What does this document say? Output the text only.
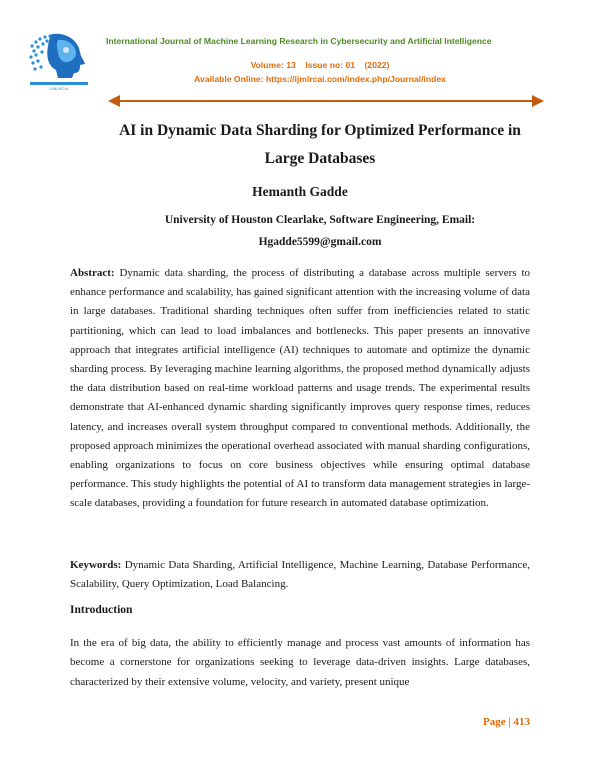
IJMLRCAI
International Journal of Machine Learning Research in Cybersecurity and Artificial Intelligence
Volume: 13    Issue no: 01    (2022)
Available Online: https://ijmlrcai.com/index.php/Journal/index
AI in Dynamic Data Sharding for Optimized Performance in
Large Databases
Hemanth Gadde
University of Houston Clearlake, Software Engineering, Email:
Hgadde5599@gmail.com

Abstract: Dynamic data sharding, the process of distributing a database across multiple servers to enhance performance and scalability, has gained significant attention with the increasing volume of data in large databases. Traditional sharding techniques often suffer from inefficiencies related to static partitioning, which can lead to load imbalances and bottlenecks. This paper presents an innovative approach that integrates artificial intelligence (AI) techniques to automate and optimize the dynamic sharding process. By leveraging machine learning algorithms, the proposed method dynamically adjusts the data distribution based on real-time workload patterns and usage trends. The experimental results demonstrate that AI-enhanced dynamic sharding significantly improves query response times, reduces latency, and increases overall system throughput compared to conventional methods. Additionally, the proposed approach minimizes the operational overhead associated with manual sharding configurations, enabling organizations to focus on core business objectives while ensuring optimal database performance. This study highlights the potential of AI to transform data management strategies in large-scale databases, providing a foundation for future research in automated database optimization.

Keywords: Dynamic Data Sharding, Artificial Intelligence, Machine Learning, Database Performance, Scalability, Query Optimization, Load Balancing.

Introduction

In the era of big data, the ability to efficiently manage and process vast amounts of information has become a cornerstone for organizations seeking to leverage data-driven insights. Large databases, characterized by their extensive volume, velocity, and variety, present unique

Page | 413
